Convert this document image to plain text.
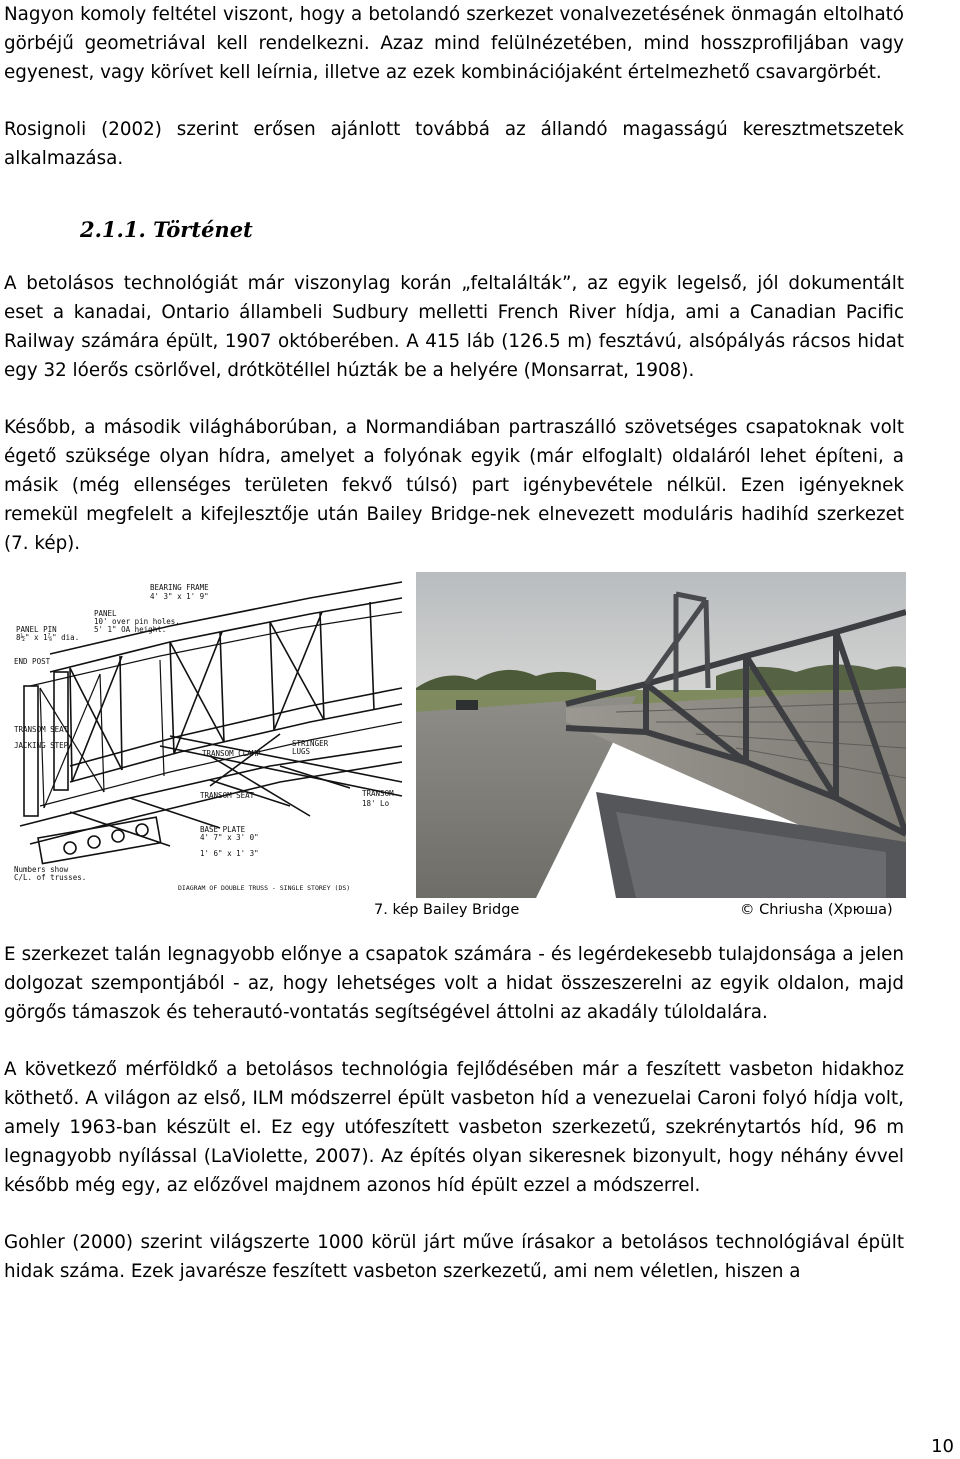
Nagyon komoly feltétel viszont, hogy a betolandó szerkezet vonalvezetésének önmagán eltolható görbéjű geometriával kell rendelkezni. Azaz mind felülnézetében, mind hosszprofiljában vagy egyenest, vagy körívet kell leírnia, illetve az ezek kombinációjaként értelmezhető csavargörbét.

Rosignoli (2002) szerint erősen ajánlott továbbá az állandó magasságú keresztmetszetek alkalmazása.

2.1.1. Történet

A betolásos technológiát már viszonylag korán „feltalálták”, az egyik legelső, jól dokumentált eset a kanadai, Ontario állambeli Sudbury melletti French River hídja, ami a Canadian Pacific Railway számára épült, 1907 októberében. A 415 láb (126.5 m) fesztávú, alsópályás rácsos hidat egy 32 lóerős csörlővel, drótkötéllel húzták be a helyére (Monsarrat, 1908).

Később, a második világháborúban, a Normandiában partraszálló szövetséges csapatoknak volt égető szüksége olyan hídra, amelyet a folyónak egyik (már elfoglalt) oldaláról lehet építeni, a másik (még ellenséges területen fekvő túlsó) part igénybevétele nélkül. Ezen igényeknek remekül megfelelt a kifejlesztője után Bailey Bridge-nek elnevezett moduláris hadihíd szerkezet (7. kép).

BEARING FRAME
4' 3" x 1' 9"
PANEL
10' over pin holes,
5' 1" OA height.
PANEL PIN
8½" x 1⅞" dia.
END POST
STRINGER
LUGS
TRANSOM CLAMP
TRANSOM SEAT
JACKING STEP
TRANSOM SEAT	TRANSOM
18' Lo
BASE PLATE
4' 7" x 3' 0"
1' 6" x 1' 3"
Numbers show
C/L. of trusses.
DIAGRAM OF DOUBLE TRUSS - SINGLE STOREY (DS)
7. kép Bailey Bridge	© Chriusha (Хрюша)

E szerkezet talán legnagyobb előnye a csapatok számára - és legérdekesebb tulajdonsága a jelen dolgozat szempontjából - az, hogy lehetséges volt a hidat összeszerelni az egyik oldalon, majd görgős támaszok és teherautó-vontatás segítségével áttolni az akadály túloldalára.

A következő mérföldkő a betolásos technológia fejlődésében már a feszített vasbeton hidakhoz köthető. A világon az első, ILM módszerrel épült vasbeton híd a venezuelai Caroni folyó hídja volt, amely 1963-ban készült el. Ez egy utófeszített vasbeton szerkezetű, szekrénytartós híd, 96 m legnagyobb nyílással (LaViolette, 2007). Az építés olyan sikeresnek bizonyult, hogy néhány évvel később még egy, az előzővel majdnem azonos híd épült ezzel a módszerrel.

Gohler (2000) szerint világszerte 1000 körül járt műve írásakor a betolásos technológiával épült hidak száma. Ezek javarésze feszített vasbeton szerkezetű, ami nem véletlen, hiszen a

10
